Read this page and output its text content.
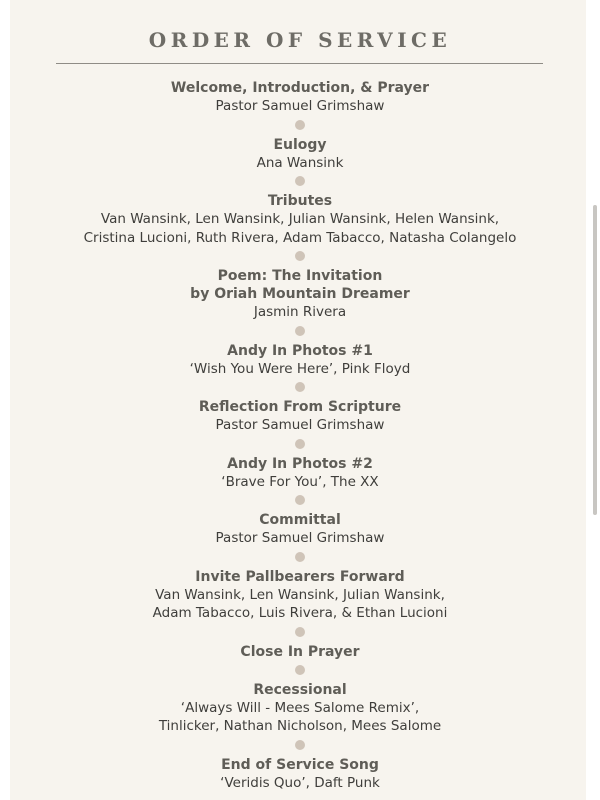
ORDER OF SERVICE
Welcome, Introduction, & Prayer
Pastor Samuel Grimshaw
Eulogy
Ana Wansink
Tributes
Van Wansink, Len Wansink, Julian Wansink, Helen Wansink,
Cristina Lucioni, Ruth Rivera, Adam Tabacco, Natasha Colangelo
Poem: The Invitation
by Oriah Mountain Dreamer
Jasmin Rivera
Andy In Photos #1
‘Wish You Were Here’, Pink Floyd
Reflection From Scripture
Pastor Samuel Grimshaw
Andy In Photos #2
‘Brave For You’, The XX
Committal
Pastor Samuel Grimshaw
Invite Pallbearers Forward
Van Wansink, Len Wansink, Julian Wansink,
Adam Tabacco, Luis Rivera, & Ethan Lucioni
Close In Prayer
Recessional
‘Always Will - Mees Salome Remix’,
Tinlicker, Nathan Nicholson, Mees Salome
End of Service Song
‘Veridis Quo’, Daft Punk
